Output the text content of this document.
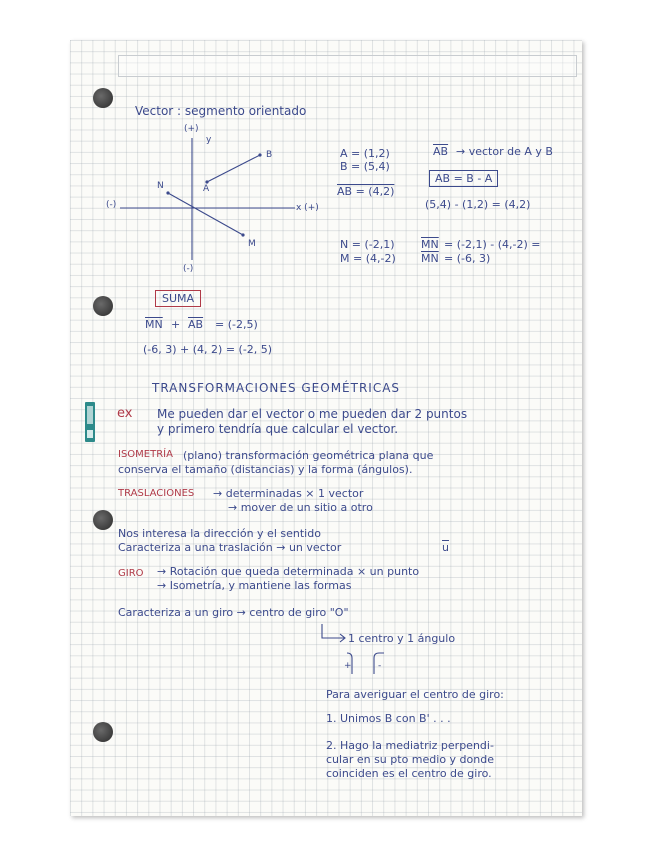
Vector : segmento orientado
(+)
y
(-)	x (+)
(-)
B
A
N
M
A = (1,2)
B = (5,4)
AB = (4,2)
$\overline{AB}$ → vector de A y B
AB = B - A
(5,4) - (1,2) = (4,2)
N = (-2,1)
M = (4,-2)
$\overline{MN} = (-2,1) - (4,-2)$ =
$\overline{MN} = (-6$, 3)
SUMA
$\overline{MN} + \overline{AB} = (-2,5)$
(-6, 3) + (4, 2) = (-2, 5)
TRANSFORMACIONES GEOMÉTRICAS
ex Me pueden dar el vector o me pueden dar 2 puntos
y primero tendría que calcular el vector.
ISOMETRÍA (plano) transformación geométrica plana que
conserva el tamaño (distancias) y la forma (ángulos).
TRASLACIONES → determinadas × 1 vector
→ mover de un sitio a otro
Nos interesa la dirección y el sentido
Caracteriza a una traslación → un vector	$\overline{u}$
GIRO → Rotación que queda determinada × un punto
→ Isometría, y mantiene las formas
Caracteriza a un giro → centro de giro "O"
1 centro y 1 ángulo
+	-
Para averiguar el centro de giro:
1. Unimos B con B' . . .
2. Hago la mediatriz perpendi-
cular en su pto medio y donde
coinciden es el centro de giro.
